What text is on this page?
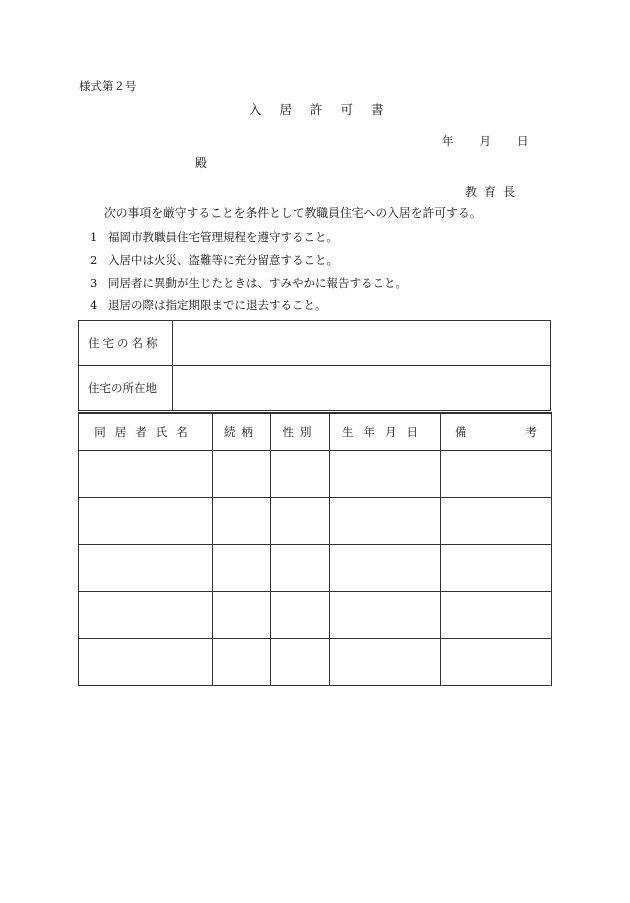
様式第２号
入居許可書
年 月 日
殿
教育長
次の事項を厳守することを条件として教職員住宅への入居を許可する。
1 福岡市教職員住宅管理規程を遵守すること。
2 入居中は火災、盗難等に充分留意すること。
3 同居者に異動が生じたときは、すみやかに報告すること。
4 退居の際は指定期限までに退去すること。
住宅の名称	
住宅の所在地	
同居者氏名	続柄	性別	生年月日	備 考
